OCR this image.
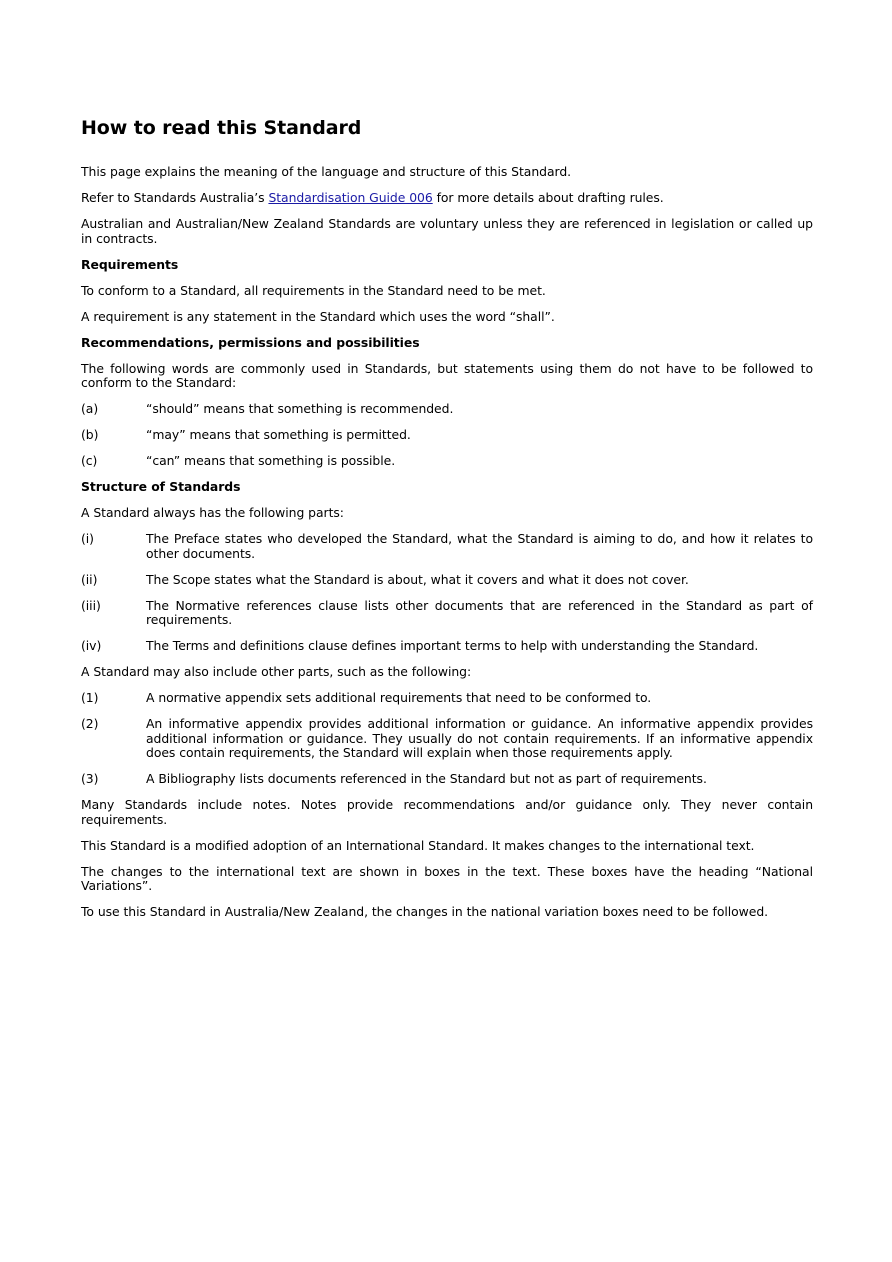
How to read this Standard

This page explains the meaning of the language and structure of this Standard.

Refer to Standards Australia’s Standardisation Guide 006 for more details about drafting rules.

Australian and Australian/New Zealand Standards are voluntary unless they are referenced in legislation or called up in contracts.

Requirements

To conform to a Standard, all requirements in the Standard need to be met.

A requirement is any statement in the Standard which uses the word “shall”.

Recommendations, permissions and possibilities

The following words are commonly used in Standards, but statements using them do not have to be followed to conform to the Standard:

(a)	“should” means that something is recommended.
(b)	“may” means that something is permitted.
(c)	“can” means that something is possible.

Structure of Standards

A Standard always has the following parts:

(i)	The Preface states who developed the Standard, what the Standard is aiming to do, and how it relates to other documents.
(ii)	The Scope states what the Standard is about, what it covers and what it does not cover.
(iii)	The Normative references clause lists other documents that are referenced in the Standard as part of requirements.
(iv)	The Terms and definitions clause defines important terms to help with understanding the Standard.

A Standard may also include other parts, such as the following:

(1)	A normative appendix sets additional requirements that need to be conformed to.
(2)	An informative appendix provides additional information or guidance. An informative appendix provides additional information or guidance. They usually do not contain requirements. If an informative appendix does contain requirements, the Standard will explain when those requirements apply.
(3)	A Bibliography lists documents referenced in the Standard but not as part of requirements.

Many Standards include notes. Notes provide recommendations and/or guidance only. They never contain requirements.

This Standard is a modified adoption of an International Standard. It makes changes to the international text.

The changes to the international text are shown in boxes in the text. These boxes have the heading “National Variations”.

To use this Standard in Australia/New Zealand, the changes in the national variation boxes need to be followed.
